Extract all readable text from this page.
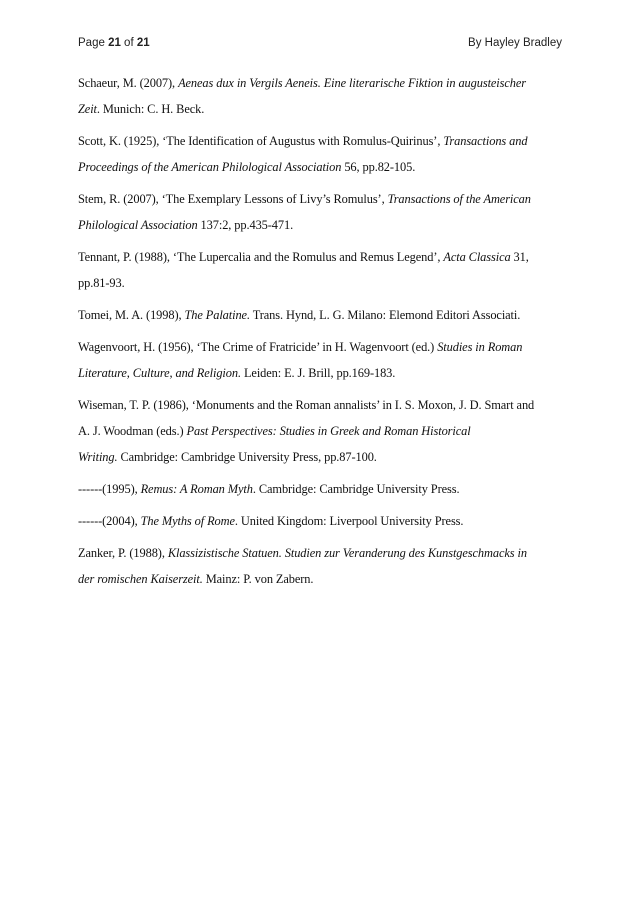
Page 21 of 21	By Hayley Bradley
Schaeur, M. (2007), Aeneas dux in Vergils Aeneis. Eine literarische Fiktion in augusteischer
Zeit. Munich: C. H. Beck.
Scott, K. (1925), ‘The Identification of Augustus with Romulus-Quirinus’, Transactions and
Proceedings of the American Philological Association 56, pp.82-105.
Stem, R. (2007), ‘The Exemplary Lessons of Livy’s Romulus’, Transactions of the American
Philological Association 137:2, pp.435-471.
Tennant, P. (1988), ‘The Lupercalia and the Romulus and Remus Legend’, Acta Classica 31,
pp.81-93.
Tomei, M. A. (1998), The Palatine. Trans. Hynd, L. G. Milano: Elemond Editori Associati.
Wagenvoort, H. (1956), ‘The Crime of Fratricide’ in H. Wagenvoort (ed.) Studies in Roman
Literature, Culture, and Religion. Leiden: E. J. Brill, pp.169-183.
Wiseman, T. P. (1986), ‘Monuments and the Roman annalists’ in I. S. Moxon, J. D. Smart and
A. J. Woodman (eds.) Past Perspectives: Studies in Greek and Roman Historical
Writing. Cambridge: Cambridge University Press, pp.87-100.
------(1995), Remus: A Roman Myth. Cambridge: Cambridge University Press.
------(2004), The Myths of Rome. United Kingdom: Liverpool University Press.
Zanker, P. (1988), Klassizistische Statuen. Studien zur Veranderung des Kunstgeschmacks in
der romischen Kaiserzeit. Mainz: P. von Zabern.
